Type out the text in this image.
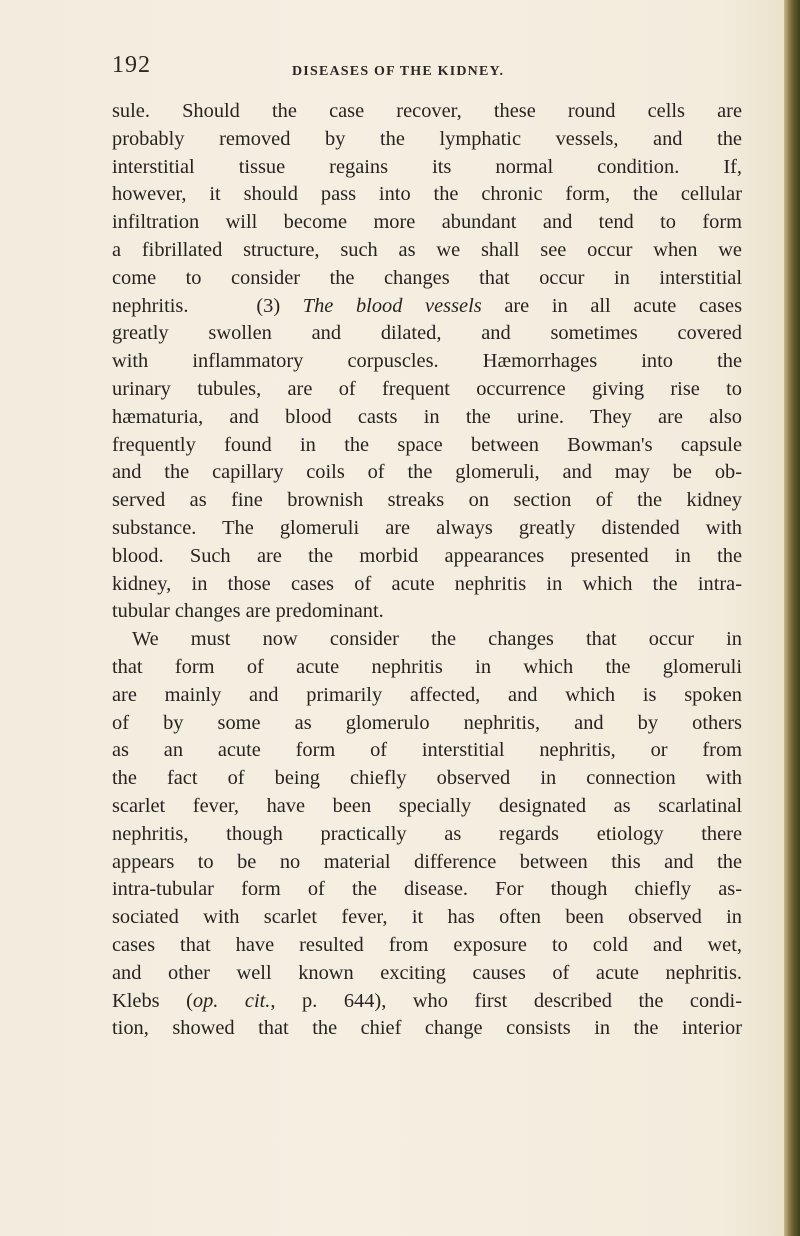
192	DISEASES OF THE KIDNEY.
sule. Should the case recover, these round cells are
probably removed by the lymphatic vessels, and the
interstitial tissue regains its normal condition. If,
however, it should pass into the chronic form, the cellular
infiltration will become more abundant and tend to form
a fibrillated structure, such as we shall see occur when we
come to consider the changes that occur in interstitial
nephritis.   (3) The blood vessels are in all acute cases
greatly swollen and dilated, and sometimes covered
with inflammatory corpuscles. Hæmorrhages into the
urinary tubules, are of frequent occurrence giving rise to
hæmaturia, and blood casts in the urine. They are also
frequently found in the space between Bowman's capsule
and the capillary coils of the glomeruli, and may be ob-
served as fine brownish streaks on section of the kidney
substance. The glomeruli are always greatly distended with
blood. Such are the morbid appearances presented in the
kidney, in those cases of acute nephritis in which the intra-
tubular changes are predominant.
We must now consider the changes that occur in
that form of acute nephritis in which the glomeruli
are mainly and primarily affected, and which is spoken
of by some as glomerulo nephritis, and by others
as an acute form of interstitial nephritis, or from
the fact of being chiefly observed in connection with
scarlet fever, have been specially designated as scarlatinal
nephritis, though practically as regards etiology there
appears to be no material difference between this and the
intra-tubular form of the disease. For though chiefly as-
sociated with scarlet fever, it has often been observed in
cases that have resulted from exposure to cold and wet,
and other well known exciting causes of acute nephritis.
Klebs (op. cit., p. 644), who first described the condi-
tion, showed that the chief change consists in the interior
